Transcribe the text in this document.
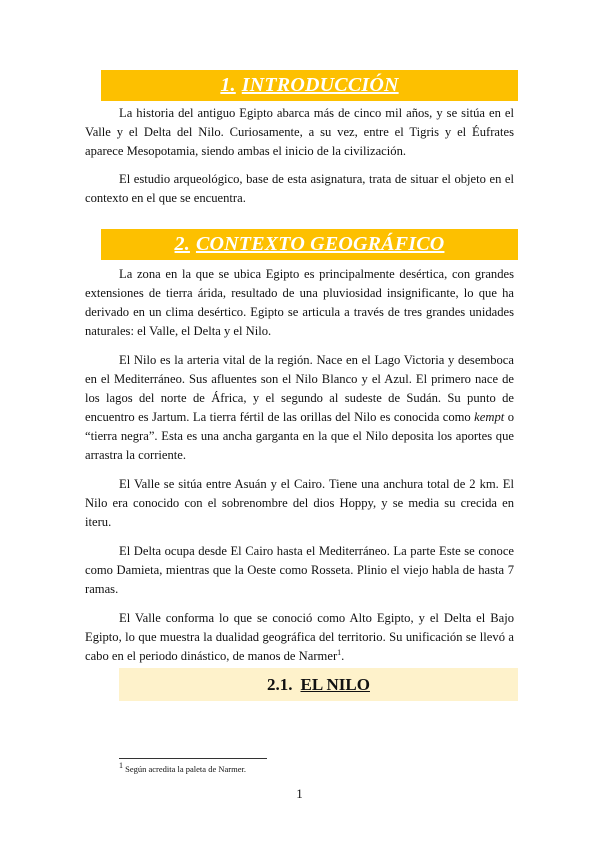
1. INTRODUCCIÓN

La historia del antiguo Egipto abarca más de cinco mil años, y se sitúa en el Valle y el Delta del Nilo. Curiosamente, a su vez, entre el Tigris y el Éufrates aparece Mesopotamia, siendo ambas el inicio de la civilización.

El estudio arqueológico, base de esta asignatura, trata de situar el objeto en el contexto en el que se encuentra.

2. CONTEXTO GEOGRÁFICO

La zona en la que se ubica Egipto es principalmente desértica, con grandes extensiones de tierra árida, resultado de una pluviosidad insignificante, lo que ha derivado en un clima desértico. Egipto se articula a través de tres grandes unidades naturales: el Valle, el Delta y el Nilo.

El Nilo es la arteria vital de la región. Nace en el Lago Victoria y desemboca en el Mediterráneo. Sus afluentes son el Nilo Blanco y el Azul. El primero nace de los lagos del norte de África, y el segundo al sudeste de Sudán. Su punto de encuentro es Jartum. La tierra fértil de las orillas del Nilo es conocida como kempt o “tierra negra”. Esta es una ancha garganta en la que el Nilo deposita los aportes que arrastra la corriente.

El Valle se sitúa entre Asuán y el Cairo. Tiene una anchura total de 2 km. El Nilo era conocido con el sobrenombre del dios Hoppy, y se media su crecida en iteru.

El Delta ocupa desde El Cairo hasta el Mediterráneo. La parte Este se conoce como Damieta, mientras que la Oeste como Rosseta. Plinio el viejo habla de hasta 7 ramas.

El Valle conforma lo que se conoció como Alto Egipto, y el Delta el Bajo Egipto, lo que muestra la dualidad geográfica del territorio. Su unificación se llevó a cabo en el periodo dinástico, de manos de Narmer$^1$.

2.1. EL NILO
$^1$ Según acredita la paleta de Narmer.
1
